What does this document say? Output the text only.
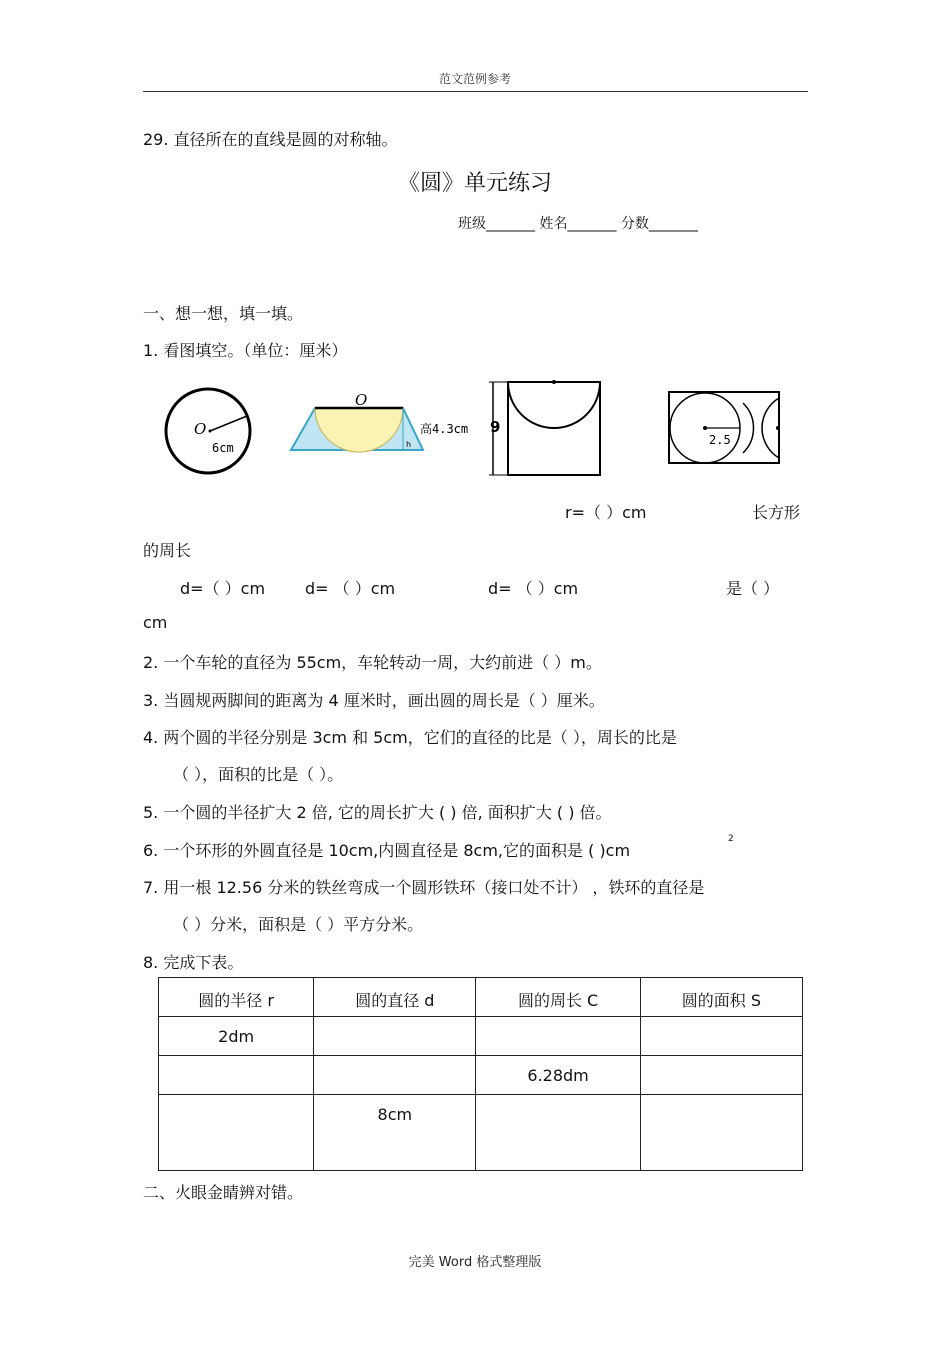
范文范例参考
29. 直径所在的直线是圆的对称轴。
《圆》单元练习
班级_______ 姓名_______ 分数_______
一、想一想，填一填。
1. 看图填空。（单位：厘米）
O
6cm
O
h
高4.3cm 9
2.5
r=（ ）cm	长方形
的周长
d=（ ）cm d= （ ）cm	d= （ ）cm	是（ ）
cm
2. 一个车轮的直径为 55cm，车轮转动一周，大约前进（ ）m。
3. 当圆规两脚间的距离为 4 厘米时，画出圆的周长是（ ）厘米。
4. 两个圆的半径分别是 3cm 和 5cm，它们的直径的比是（ ），周长的比是
（ ），面积的比是（ ）。
5. 一个圆的半径扩大 2 倍, 它的周长扩大 ( ) 倍, 面积扩大 ( ) 倍。
6. 一个环形的外圆直径是 10cm,内圆直径是 8cm,它的面积是 ( )cm
2
7. 用一根 12.56 分米的铁丝弯成一个圆形铁环（接口处不计） ，铁环的直径是
（ ）分米，面积是（ ）平方分米。
8. 完成下表。
圆的半径 r	圆的直径 d	圆的周长 C	圆的面积 S
2dm			
		6.28dm	
	8cm		
二、火眼金睛辨对错。
完美 Word 格式整理版
